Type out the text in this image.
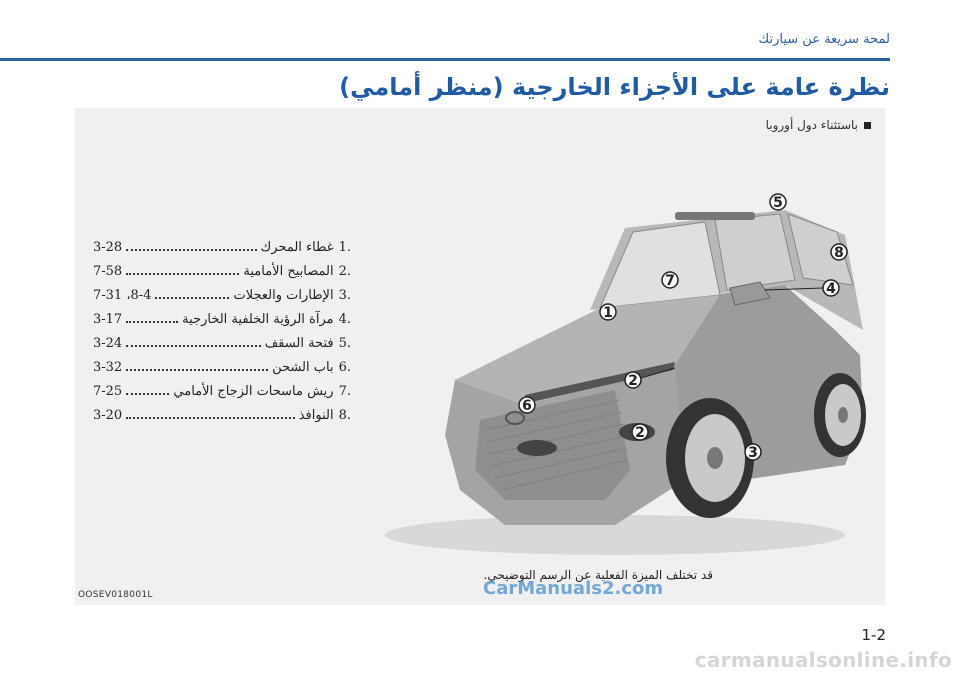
لمحة سريعة عن سيارتك
نظرة عامة على الأجزاء الخارجية (منظر أمامي)
باستثناء دول أوروبا
3-28	غطاء المحرك 1.
7-58	المصابيح الأمامية 2.
7-31 ،8-4	الإطارات والعجلات 3.
3-17	مرآة الرؤية الخلفية الخارجية 4.
3-24	فتحة السقف 5.
3-32	باب الشحن 6.
7-25	ريش ماسحات الزجاج الأمامي 7.
3-20	النوافذ 8.
1
2
2
3
4
5
6
7
8
قد تختلف الميزة الفعلية عن الرسم التوضيحي.
OOSEV018001L	CarManuals2.com
1-2
carmanualsonline.info
